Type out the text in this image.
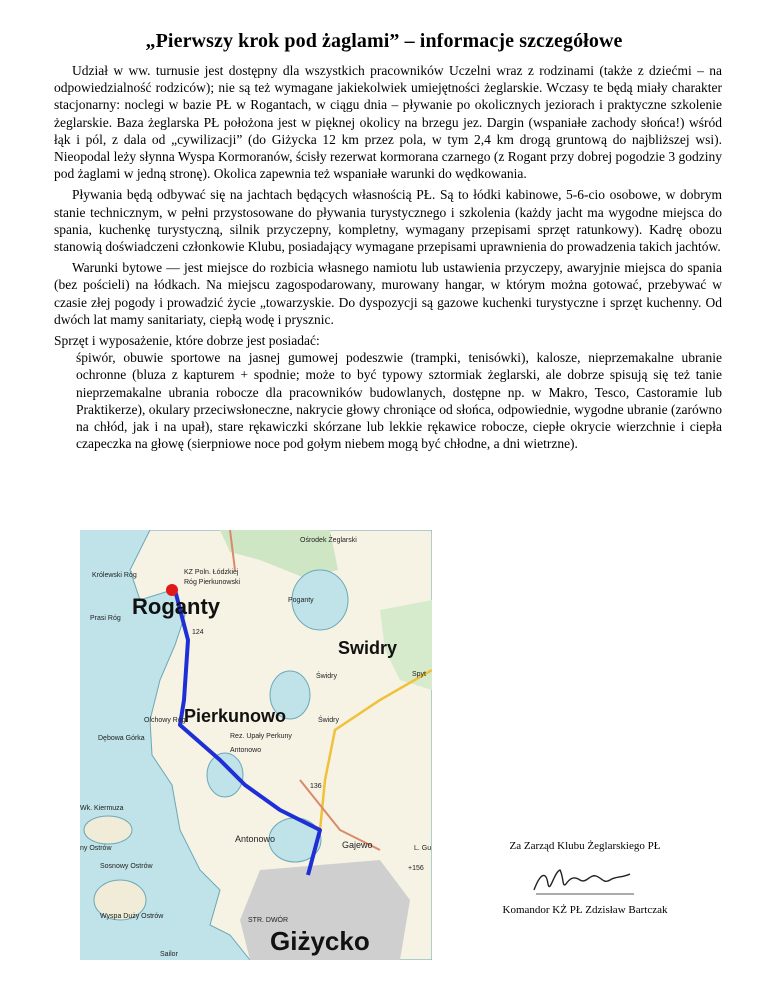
„Pierwszy krok pod żaglami” – informacje szczegółowe

Udział w ww. turnusie jest dostępny dla wszystkich pracowników Uczelni wraz z rodzinami (także z dziećmi – na odpowiedzialność rodziców); nie są też wymagane jakiekolwiek umiejętności żeglarskie. Wczasy te będą miały charakter stacjonarny: noclegi w bazie PŁ w Rogantach, w ciągu dnia – pływanie po okolicznych jeziorach i praktyczne szkolenie żeglarskie. Baza żeglarska PŁ położona jest w pięknej okolicy na brzegu jez. Dargin (wspaniałe zachody słońca!) wśród łąk i pól, z dala od „cywilizacji” (do Giżycka 12 km przez pola, w tym 2,4 km drogą gruntową do najbliższej wsi). Nieopodal leży słynna Wyspa Kormoranów, ścisły rezerwat kormorana czarnego (z Rogant przy dobrej pogodzie 3 godziny pod żaglami w jedną stronę). Okolica zapewnia też wspaniałe warunki do wędkowania.

Pływania będą odbywać się na jachtach będących własnością PŁ. Są to łódki kabinowe, 5-6-cio osobowe, w dobrym stanie technicznym, w pełni przystosowane do pływania turystycznego i szkolenia (każdy jacht ma wygodne miejsca do spania, kuchenkę turystyczną, silnik przyczepny, kompletny, wymagany przepisami sprzęt ratunkowy). Kadrę obozu stanowią doświadczeni członkowie Klubu, posiadający wymagane przepisami uprawnienia do prowadzenia takich jachtów.

Warunki bytowe — jest miejsce do rozbicia własnego namiotu lub ustawienia przyczepy, awaryjnie miejsca do spania (bez pościeli) na łódkach. Na miejscu zagospodarowany, murowany hangar, w którym można gotować, przebywać w czasie złej pogody i prowadzić życie „towarzyskie. Do dyspozycji są gazowe kuchenki turystyczne i sprzęt kuchenny. Od dwóch lat mamy sanitariaty, ciepłą wodę i prysznic.

Sprzęt i wyposażenie, które dobrze jest posiadać:
śpiwór, obuwie sportowe na jasnej gumowej podeszwie (trampki, tenisówki), kalosze, nieprzemakalne ubranie ochronne (bluza z kapturem + spodnie; może to być typowy sztormiak żeglarski, ale dobrze spisują się też tanie nieprzemakalne ubrania robocze dla pracowników budowlanych, dostępne np. w Makro, Tesco, Castoramie lub Praktikerze), okulary przeciwsłoneczne, nakrycie głowy chroniące od słońca, odpowiednie, wygodne ubranie (zarówno na chłód, jak i na upał), stare rękawiczki skórzane lub lekkie rękawice robocze, ciepłe okrycie wierzchnie i ciepła czapeczka na głowę (sierpniowe noce pod gołym niebem mogą być chłodne, a dni wietrzne).
Roganty
Swidry
Pierkunowo
Giżycko
Ośrodek Żeglarski
Królewski Róg	KZ Poln. Łódzkiej
Róg Pierkunowski
Poganty
Prasi Róg
124
Spyt
Świdry
Olchowy Róg
Dębowa Górka	Rez. Upały Perkuny
Świdry
Antonowo
Wk. Kiermuza
136
Antonowo
Gajewo
ny Ostrów
Sosnowy Ostrów
L. Gu
+156
Wyspa Duży Ostrów
STR. DWÓR
Sailor
Za Zarząd Klubu Żeglarskiego PŁ
Komandor KŻ PŁ Zdzisław Bartczak
